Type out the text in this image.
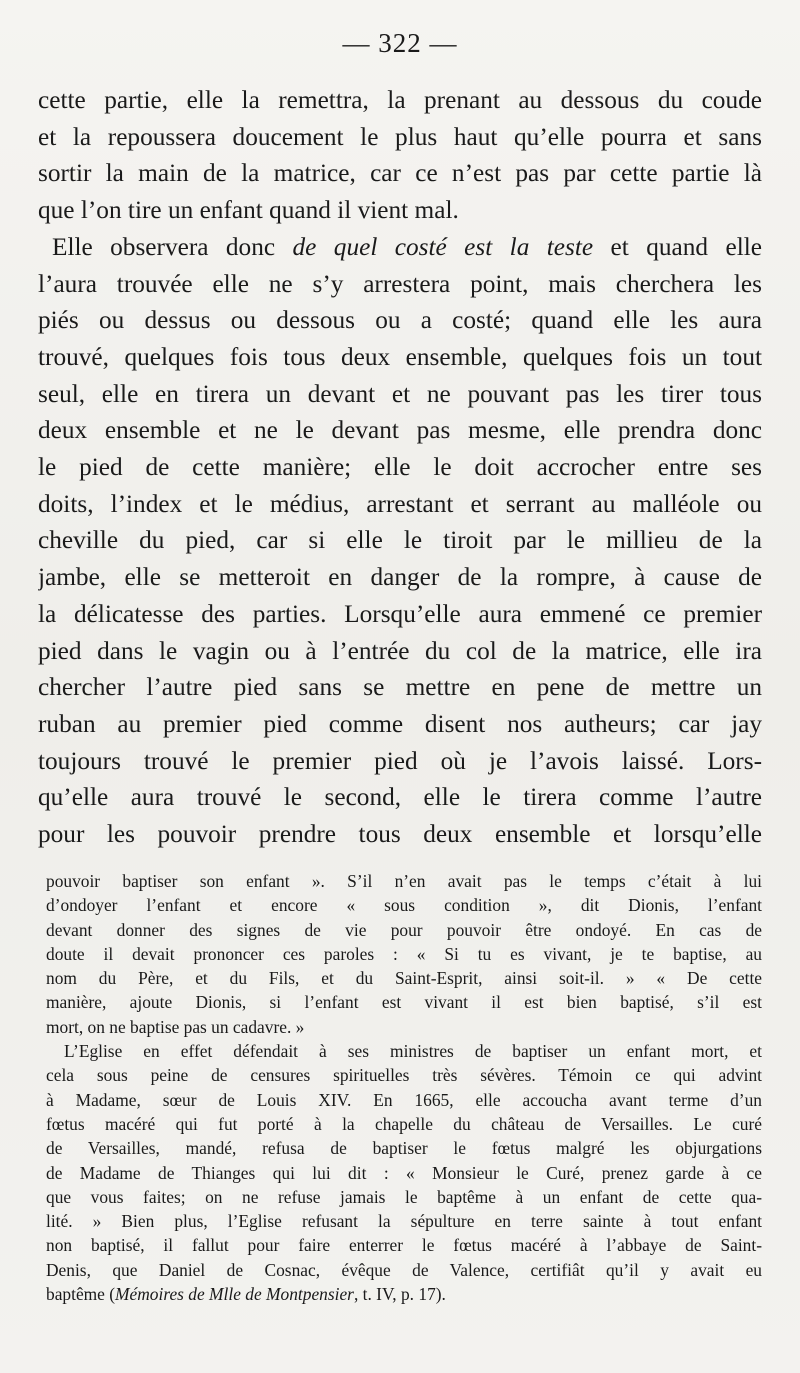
— 322 —
cette partie, elle la remettra, la prenant au dessous du coude
et la repoussera doucement le plus haut qu’elle pourra et sans
sortir la main de la matrice, car ce n’est pas par cette partie là
que l’on tire un enfant quand il vient mal.
Elle observera donc de quel costé est la teste et quand elle
l’aura trouvée elle ne s’y arrestera point, mais cherchera les
piés ou dessus ou dessous ou a costé; quand elle les aura
trouvé, quelques fois tous deux ensemble, quelques fois un tout
seul, elle en tirera un devant et ne pouvant pas les tirer tous
deux ensemble et ne le devant pas mesme, elle prendra donc
le pied de cette manière; elle le doit accrocher entre ses
doits, l’index et le médius, arrestant et serrant au malléole ou
cheville du pied, car si elle le tiroit par le millieu de la
jambe, elle se metteroit en danger de la rompre, à cause de
la délicatesse des parties. Lorsqu’elle aura emmené ce premier
pied dans le vagin ou à l’entrée du col de la matrice, elle ira
chercher l’autre pied sans se mettre en pene de mettre un
ruban au premier pied comme disent nos autheurs; car jay
toujours trouvé le premier pied où je l’avois laissé. Lors-
qu’elle aura trouvé le second, elle le tirera comme l’autre
pour les pouvoir prendre tous deux ensemble et lorsqu’elle
pouvoir baptiser son enfant ». S’il n’en avait pas le temps c’était à lui
d’ondoyer l’enfant et encore « sous condition », dit Dionis, l’enfant
devant donner des signes de vie pour pouvoir être ondoyé. En cas de
doute il devait prononcer ces paroles : « Si tu es vivant, je te baptise, au
nom du Père, et du Fils, et du Saint-Esprit, ainsi soit-il. » « De cette
manière, ajoute Dionis, si l’enfant est vivant il est bien baptisé, s’il est
mort, on ne baptise pas un cadavre. »
L’Eglise en effet défendait à ses ministres de baptiser un enfant mort, et
cela sous peine de censures spirituelles très sévères. Témoin ce qui advint
à Madame, sœur de Louis XIV. En 1665, elle accoucha avant terme d’un
fœtus macéré qui fut porté à la chapelle du château de Versailles. Le curé
de Versailles, mandé, refusa de baptiser le fœtus malgré les objurgations
de Madame de Thianges qui lui dit : « Monsieur le Curé, prenez garde à ce
que vous faites; on ne refuse jamais le baptême à un enfant de cette qua-
lité. » Bien plus, l’Eglise refusant la sépulture en terre sainte à tout enfant
non baptisé, il fallut pour faire enterrer le fœtus macéré à l’abbaye de Saint-
Denis, que Daniel de Cosnac, évêque de Valence, certifiât qu’il y avait eu
baptême (Mémoires de Mlle de Montpensier, t. IV, p. 17).
